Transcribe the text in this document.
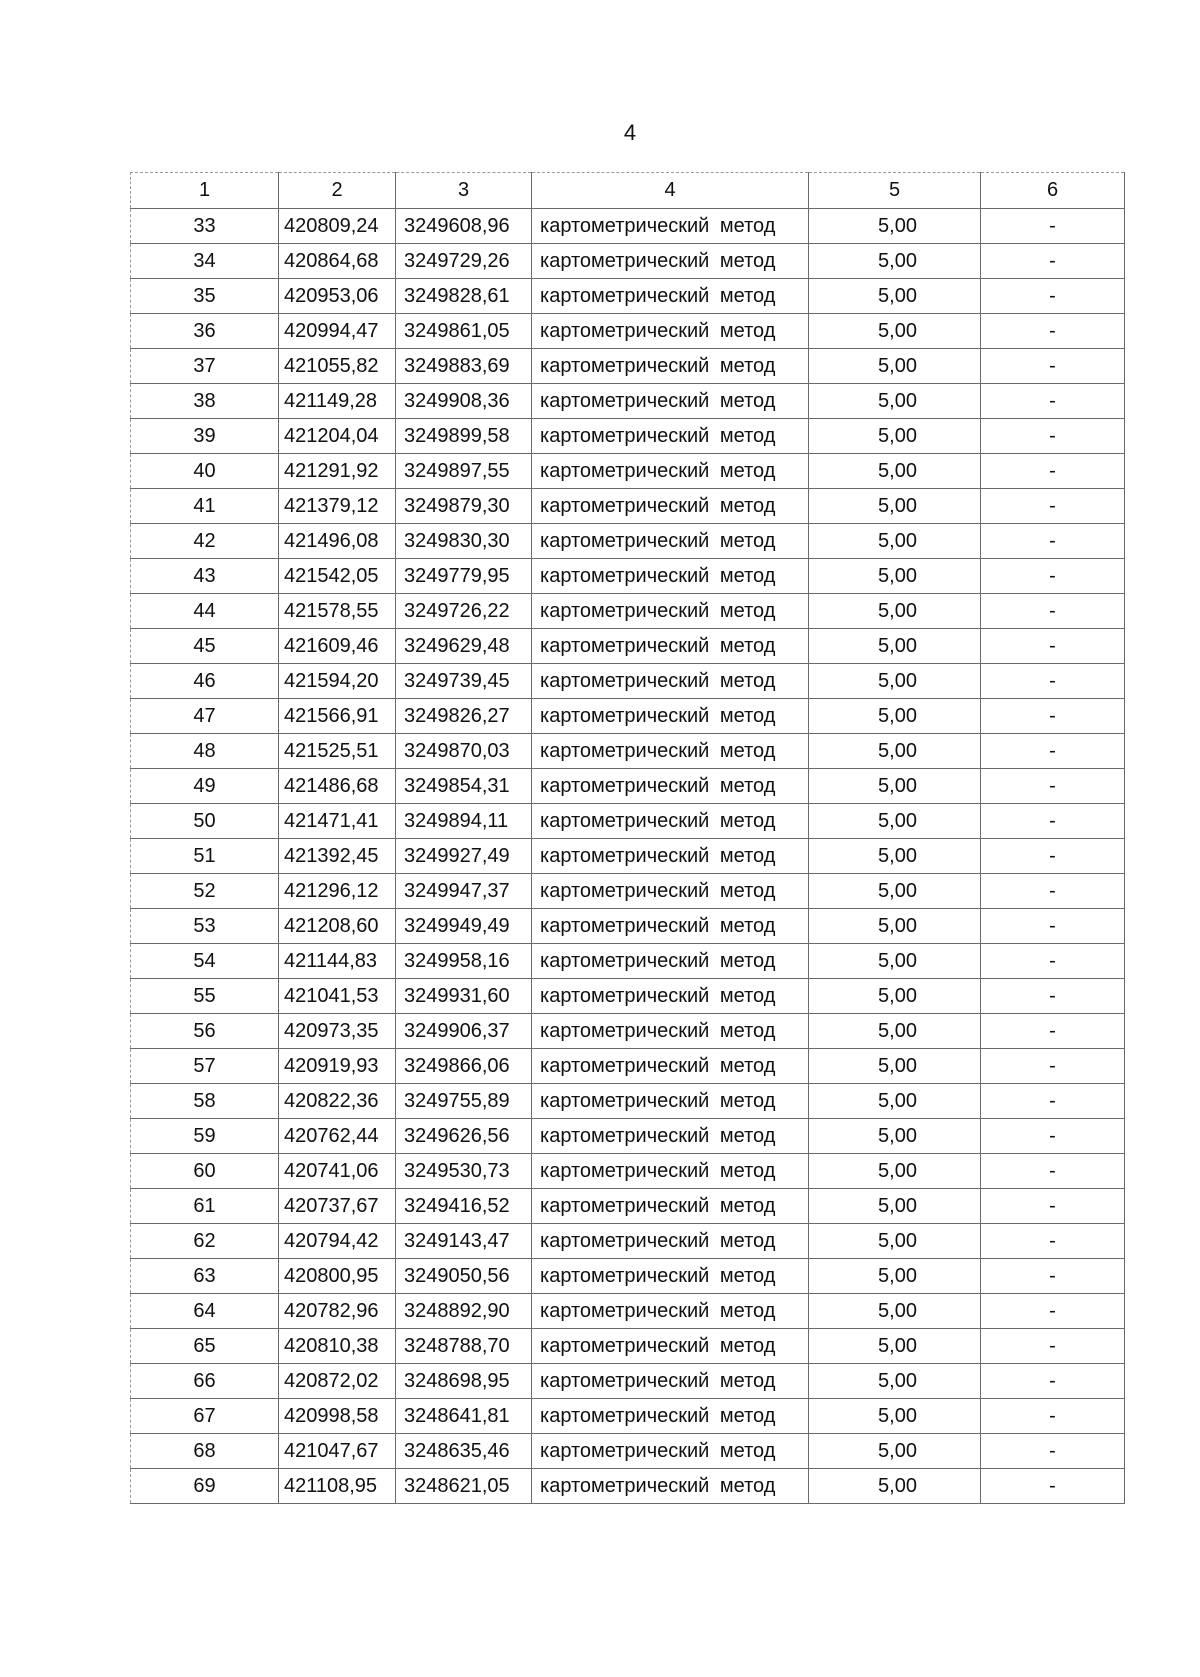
4
1	2	3	4	5	6
33	420809,24	3249608,96	картометрический метод	5,00	-
34	420864,68	3249729,26	картометрический метод	5,00	-
35	420953,06	3249828,61	картометрический метод	5,00	-
36	420994,47	3249861,05	картометрический метод	5,00	-
37	421055,82	3249883,69	картометрический метод	5,00	-
38	421149,28	3249908,36	картометрический метод	5,00	-
39	421204,04	3249899,58	картометрический метод	5,00	-
40	421291,92	3249897,55	картометрический метод	5,00	-
41	421379,12	3249879,30	картометрический метод	5,00	-
42	421496,08	3249830,30	картометрический метод	5,00	-
43	421542,05	3249779,95	картометрический метод	5,00	-
44	421578,55	3249726,22	картометрический метод	5,00	-
45	421609,46	3249629,48	картометрический метод	5,00	-
46	421594,20	3249739,45	картометрический метод	5,00	-
47	421566,91	3249826,27	картометрический метод	5,00	-
48	421525,51	3249870,03	картометрический метод	5,00	-
49	421486,68	3249854,31	картометрический метод	5,00	-
50	421471,41	3249894,11	картометрический метод	5,00	-
51	421392,45	3249927,49	картометрический метод	5,00	-
52	421296,12	3249947,37	картометрический метод	5,00	-
53	421208,60	3249949,49	картометрический метод	5,00	-
54	421144,83	3249958,16	картометрический метод	5,00	-
55	421041,53	3249931,60	картометрический метод	5,00	-
56	420973,35	3249906,37	картометрический метод	5,00	-
57	420919,93	3249866,06	картометрический метод	5,00	-
58	420822,36	3249755,89	картометрический метод	5,00	-
59	420762,44	3249626,56	картометрический метод	5,00	-
60	420741,06	3249530,73	картометрический метод	5,00	-
61	420737,67	3249416,52	картометрический метод	5,00	-
62	420794,42	3249143,47	картометрический метод	5,00	-
63	420800,95	3249050,56	картометрический метод	5,00	-
64	420782,96	3248892,90	картометрический метод	5,00	-
65	420810,38	3248788,70	картометрический метод	5,00	-
66	420872,02	3248698,95	картометрический метод	5,00	-
67	420998,58	3248641,81	картометрический метод	5,00	-
68	421047,67	3248635,46	картометрический метод	5,00	-
69	421108,95	3248621,05	картометрический метод	5,00	-
